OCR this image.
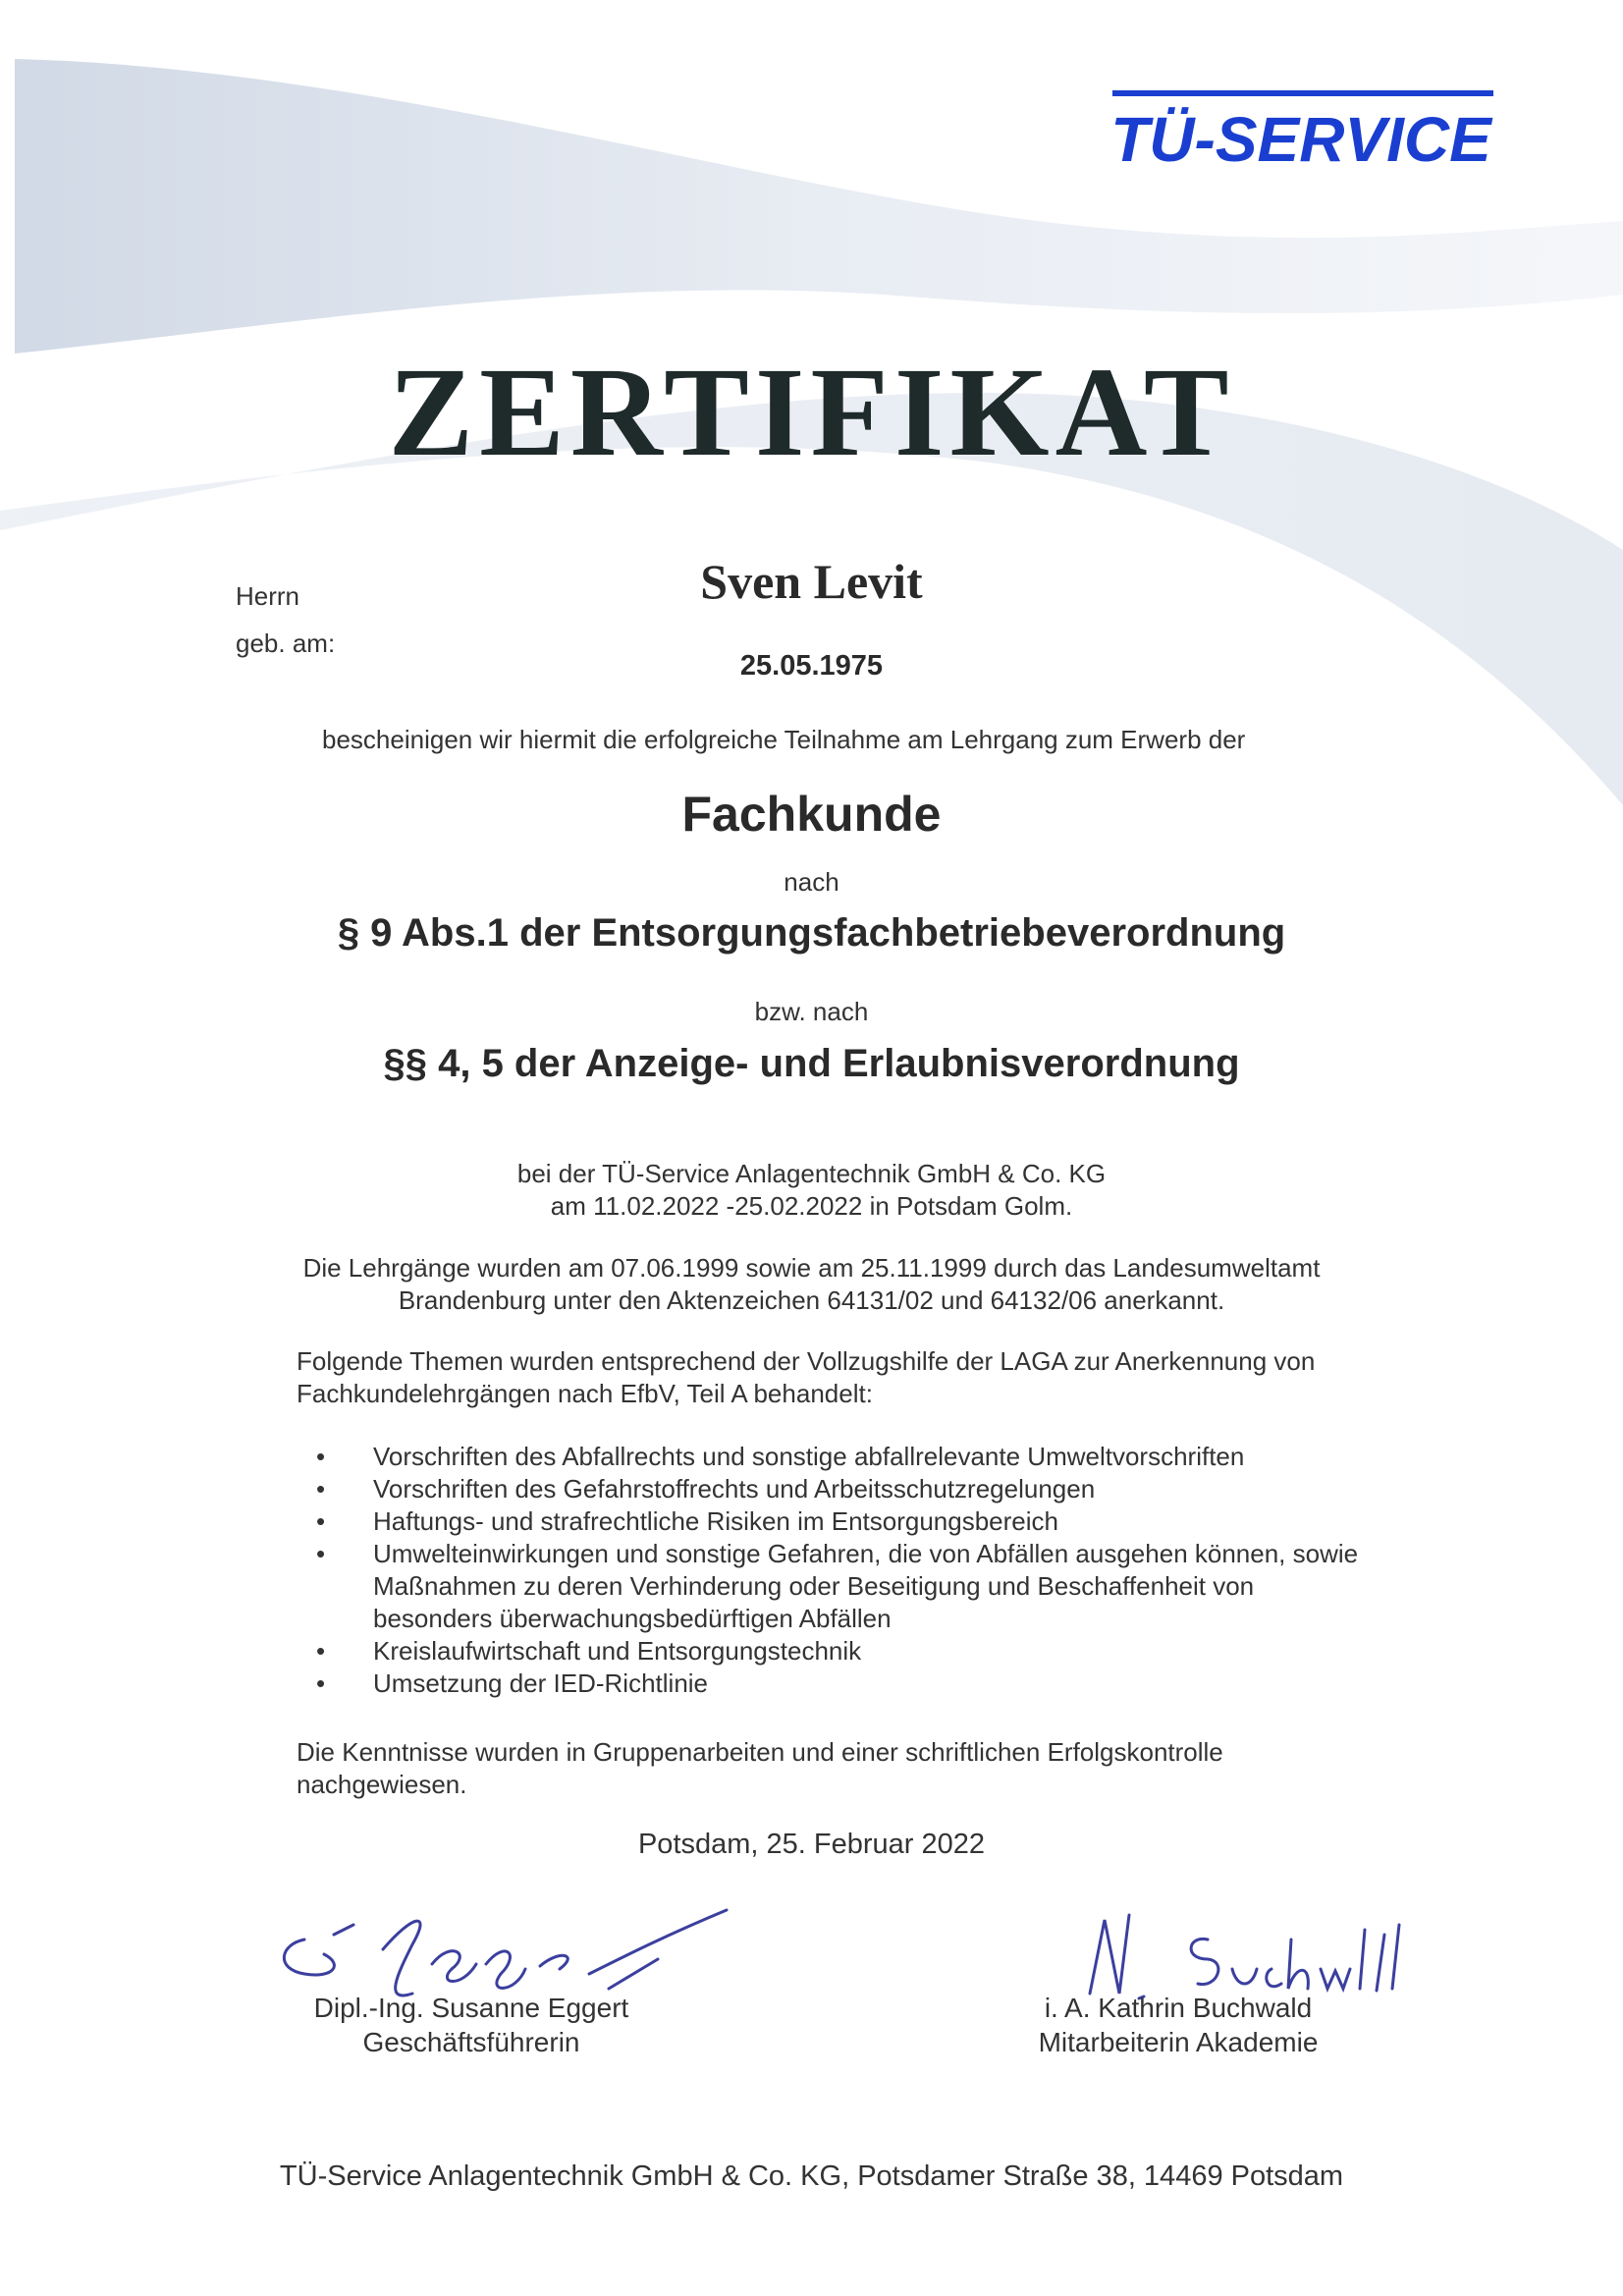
TÜ-SERVICE
ZERTIFIKAT
Herrn
geb. am:
Sven Levit
25.05.1975
bescheinigen wir hiermit die erfolgreiche Teilnahme am Lehrgang zum Erwerb der
Fachkunde
nach
§ 9 Abs.1 der Entsorgungsfachbetriebeverordnung
bzw. nach
§§ 4, 5 der Anzeige- und Erlaubnisverordnung
bei der TÜ-Service Anlagentechnik GmbH & Co. KG
am 11.02.2022 -25.02.2022 in Potsdam Golm.
Die Lehrgänge wurden am 07.06.1999 sowie am 25.11.1999 durch das Landesumweltamt
Brandenburg unter den Aktenzeichen 64131/02 und 64132/06 anerkannt.
Folgende Themen wurden entsprechend der Vollzugshilfe der LAGA zur Anerkennung von
Fachkundelehrgängen nach EfbV, Teil A behandelt:
• Vorschriften des Abfallrechts und sonstige abfallrelevante Umweltvorschriften
• Vorschriften des Gefahrstoffrechts und Arbeitsschutzregelungen
• Haftungs- und strafrechtliche Risiken im Entsorgungsbereich
• Umwelteinwirkungen und sonstige Gefahren, die von Abfällen ausgehen können, sowie
Maßnahmen zu deren Verhinderung oder Beseitigung und Beschaffenheit von
besonders überwachungsbedürftigen Abfällen
• Kreislaufwirtschaft und Entsorgungstechnik
• Umsetzung der IED-Richtlinie
Die Kenntnisse wurden in Gruppenarbeiten und einer schriftlichen Erfolgskontrolle
nachgewiesen.
Potsdam, 25. Februar 2022
Dipl.-Ing. Susanne Eggert
Geschäftsführerin
i. A. Kathrin Buchwald
Mitarbeiterin Akademie
TÜ-Service Anlagentechnik GmbH & Co. KG, Potsdamer Straße 38, 14469 Potsdam
